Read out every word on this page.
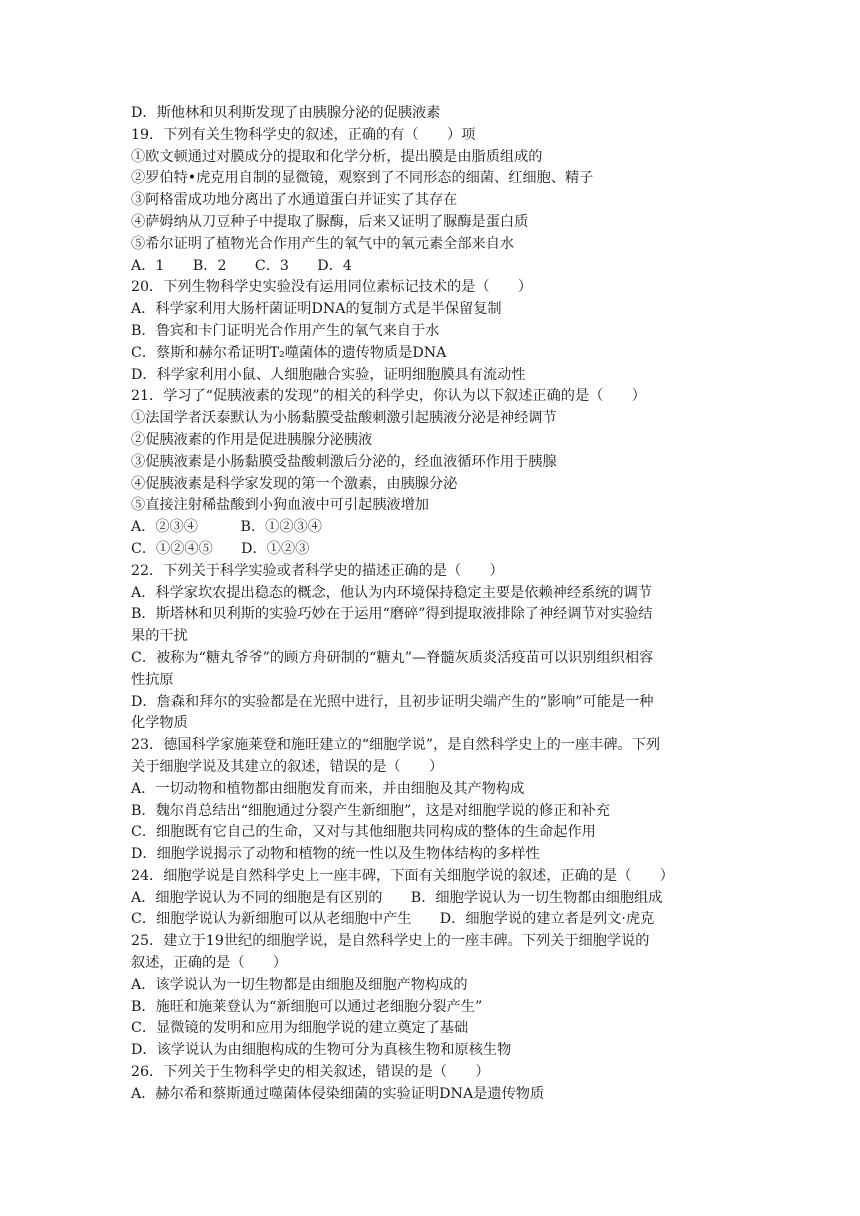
D．斯他林和贝利斯发现了由胰腺分泌的促胰液素
19．下列有关生物科学史的叙述，正确的有（　　）项
①欧文顿通过对膜成分的提取和化学分析，提出膜是由脂质组成的
②罗伯特•虎克用自制的显微镜，观察到了不同形态的细菌、红细胞、精子
③阿格雷成功地分离出了水通道蛋白并证实了其存在
④萨姆纳从刀豆种子中提取了脲酶，后来又证明了脲酶是蛋白质
⑤希尔证明了植物光合作用产生的氧气中的氧元素全部来自水
A．1　　B．2　　C．3　　D．4
20．下列生物科学史实验没有运用同位素标记技术的是（　　）
A．科学家利用大肠杆菌证明DNA的复制方式是半保留复制
B．鲁宾和卡门证明光合作用产生的氧气来自于水
C．蔡斯和赫尔希证明T₂噬菌体的遗传物质是DNA
D．科学家利用小鼠、人细胞融合实验，证明细胞膜具有流动性
21．学习了“促胰液素的发现”的相关的科学史，你认为以下叙述正确的是（　　）
①法国学者沃泰默认为小肠黏膜受盐酸刺激引起胰液分泌是神经调节
②促胰液素的作用是促进胰腺分泌胰液
③促胰液素是小肠黏膜受盐酸刺激后分泌的，经血液循环作用于胰腺
④促胰液素是科学家发现的第一个激素，由胰腺分泌
⑤直接注射稀盐酸到小狗血液中可引起胰液增加
A．②③④　　　B．①②③④
C．①②④⑤　　D．①②③
22．下列关于科学实验或者科学史的描述正确的是（　　）
A．科学家坎农提出稳态的概念，他认为内环境保持稳定主要是依赖神经系统的调节
B．斯塔林和贝利斯的实验巧妙在于运用“磨碎”得到提取液排除了神经调节对实验结
果的干扰
C．被称为“糖丸爷爷”的顾方舟研制的“糖丸”—脊髓灰质炎活疫苗可以识别组织相容
性抗原
D．詹森和拜尔的实验都是在光照中进行，且初步证明尖端产生的“影响”可能是一种
化学物质
23．德国科学家施莱登和施旺建立的“细胞学说”，是自然科学史上的一座丰碑。下列
关于细胞学说及其建立的叙述，错误的是（　　）
A．一切动物和植物都由细胞发育而来，并由细胞及其产物构成
B．魏尔肖总结出“细胞通过分裂产生新细胞”，这是对细胞学说的修正和补充
C．细胞既有它自己的生命，又对与其他细胞共同构成的整体的生命起作用
D．细胞学说揭示了动物和植物的统一性以及生物体结构的多样性
24．细胞学说是自然科学史上一座丰碑，下面有关细胞学说的叙述，正确的是（　　）
A．细胞学说认为不同的细胞是有区别的　　B．细胞学说认为一切生物都由细胞组成
C．细胞学说认为新细胞可以从老细胞中产生　　D．细胞学说的建立者是列文·虎克
25．建立于19世纪的细胞学说，是自然科学史上的一座丰碑。下列关于细胞学说的
叙述，正确的是（　　）
A．该学说认为一切生物都是由细胞及细胞产物构成的
B．施旺和施莱登认为“新细胞可以通过老细胞分裂产生”
C．显微镜的发明和应用为细胞学说的建立奠定了基础
D．该学说认为由细胞构成的生物可分为真核生物和原核生物
26．下列关于生物科学史的相关叙述，错误的是（　　）
A．赫尔希和蔡斯通过噬菌体侵染细菌的实验证明DNA是遗传物质
